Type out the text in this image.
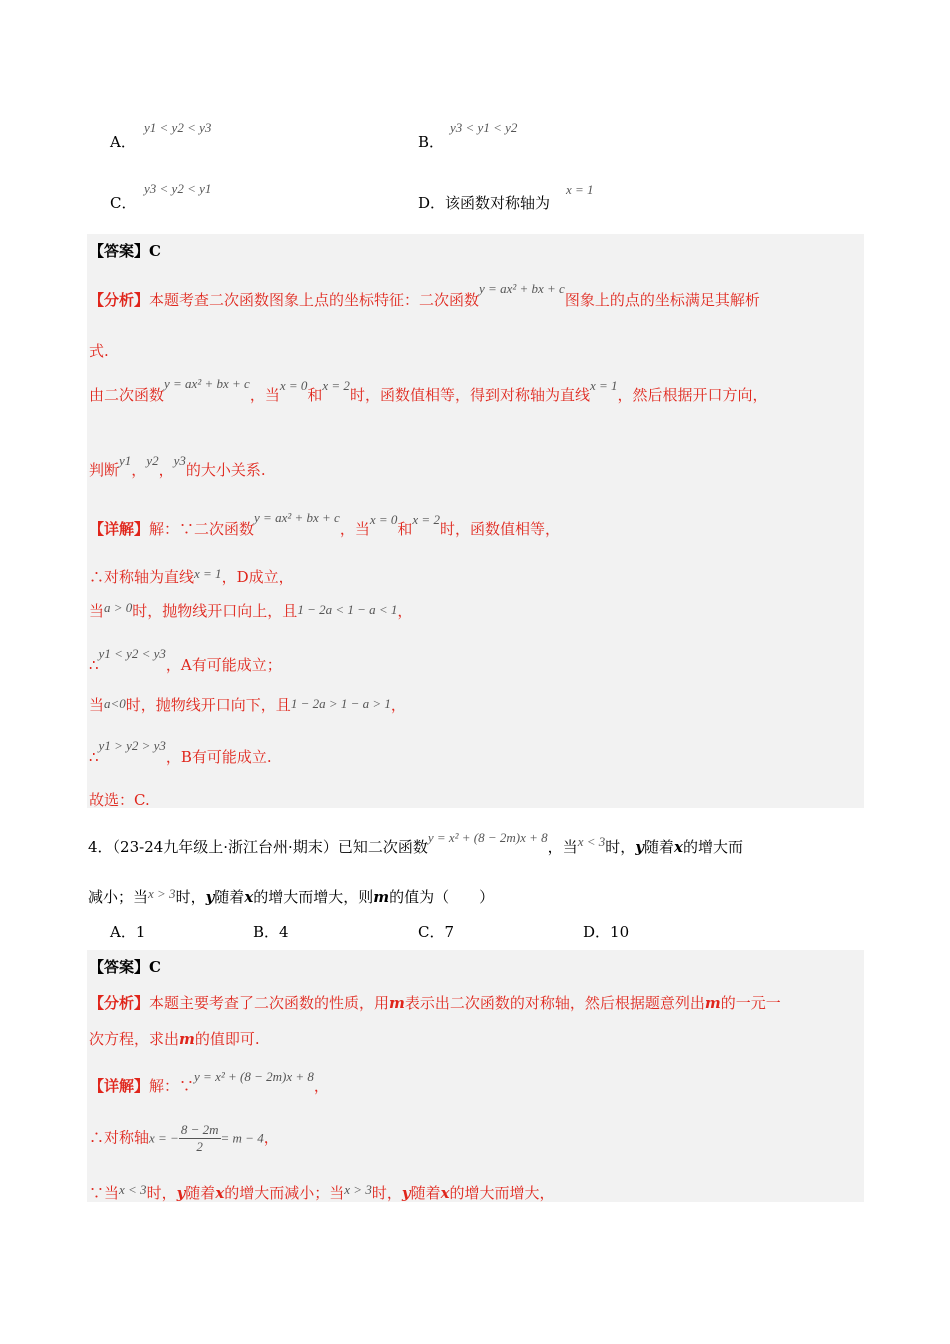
A．
y1 < y2 < y3
B．
y3 < y1 < y2
C．
y3 < y2 < y1
D．该函数对称轴为
x = 1
【答案】C
【分析】本题考查二次函数图象上点的坐标特征：二次函数y = ax² + bx + c图象上的点的坐标满足其解析
式.
由二次函数y = ax² + bx + c，当x = 0和x = 2时，函数值相等，得到对称轴为直线x = 1，然后根据开口方向，
判断y1，y2，y3的大小关系.
【详解】解：∵二次函数y = ax² + bx + c，当x = 0和x = 2时，函数值相等，
∴对称轴为直线x = 1，D成立，
当a > 0时，抛物线开口向上，且1 − 2a < 1 − a < 1，
∴y1 < y2 < y3，A有可能成立；
当a<0时，抛物线开口向下，且1 − 2a > 1 − a > 1，
∴y1 > y2 > y3，B有可能成立.
故选：C.
4．（23-24九年级上·浙江台州·期末）已知二次函数y = x² + (8 − 2m)x + 8，当x < 3时，y随着x的增大而
减小；当x > 3时，y随着x的增大而增大，则m的值为（　　）
A．1	B．4	C．7	D．10
【答案】C
【分析】本题主要考查了二次函数的性质，用m表示出二次函数的对称轴，然后根据题意列出m的一元一
次方程，求出m的值即可.
【详解】解：∵y = x² + (8 − 2m)x + 8，
∴对称轴x = − $\frac{8 - 2m}{2} = m - 4$，
∵当x < 3时，y随着x的增大而减小；当x > 3时，y随着x的增大而增大，
